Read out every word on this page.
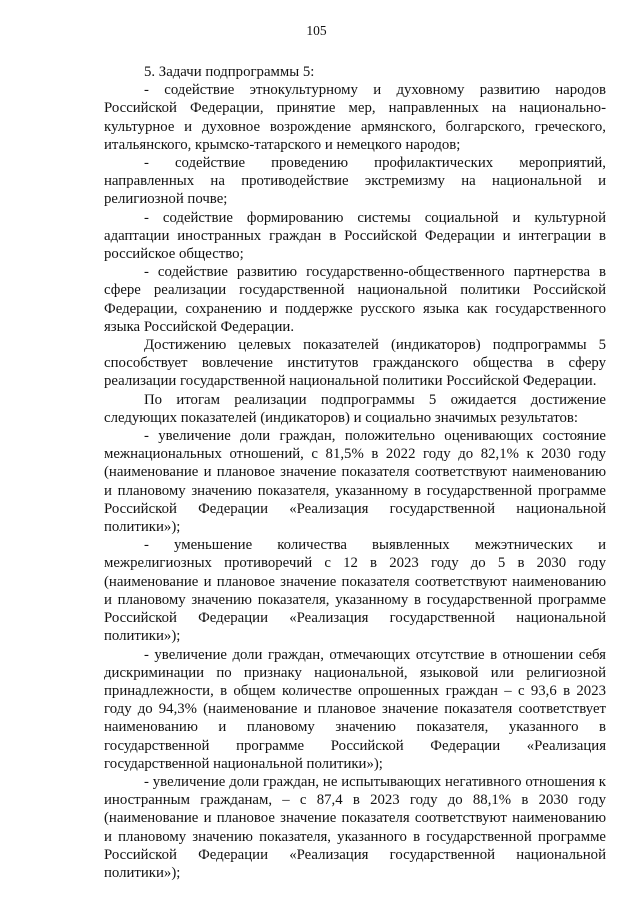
105

5. Задачи подпрограммы 5:

- содействие этнокультурному и духовному развитию народов Российской Федерации, принятие мер, направленных на национально-культурное и духовное возрождение армянского, болгарского, греческого, итальянского, крымско-татарского и немецкого народов;

- содействие проведению профилактических мероприятий, направленных на противодействие экстремизму на национальной и религиозной почве;

- содействие формированию системы социальной и культурной адаптации иностранных граждан в Российской Федерации и интеграции в российское общество;

- содействие развитию государственно-общественного партнерства в сфере реализации государственной национальной политики Российской Федерации, сохранению и поддержке русского языка как государственного языка Российской Федерации.

Достижению целевых показателей (индикаторов) подпрограммы 5 способствует вовлечение институтов гражданского общества в сферу реализации государственной национальной политики Российской Федерации.

По итогам реализации подпрограммы 5 ожидается достижение следующих показателей (индикаторов) и социально значимых результатов:

- увеличение доли граждан, положительно оценивающих состояние межнациональных отношений, с 81,5% в 2022 году до 82,1% к 2030 году (наименование и плановое значение показателя соответствуют наименованию и плановому значению показателя, указанному в государственной программе Российской Федерации «Реализация государственной национальной политики»);

- уменьшение количества выявленных межэтнических и межрелигиозных противоречий с 12 в 2023 году до 5 в 2030 году (наименование и плановое значение показателя соответствуют наименованию и плановому значению показателя, указанному в государственной программе Российской Федерации «Реализация государственной национальной политики»);

- увеличение доли граждан, отмечающих отсутствие в отношении себя дискриминации по признаку национальной, языковой или религиозной принадлежности, в общем количестве опрошенных граждан – с 93,6 в 2023 году до 94,3% (наименование и плановое значение показателя соответствует наименованию и плановому значению показателя, указанного в государственной программе Российской Федерации «Реализация государственной национальной политики»);

- увеличение доли граждан, не испытывающих негативного отношения к иностранным гражданам, – с 87,4 в 2023 году до 88,1% в 2030 году (наименование и плановое значение показателя соответствуют наименованию и плановому значению показателя, указанного в государственной программе Российской Федерации «Реализация государственной национальной политики»);
